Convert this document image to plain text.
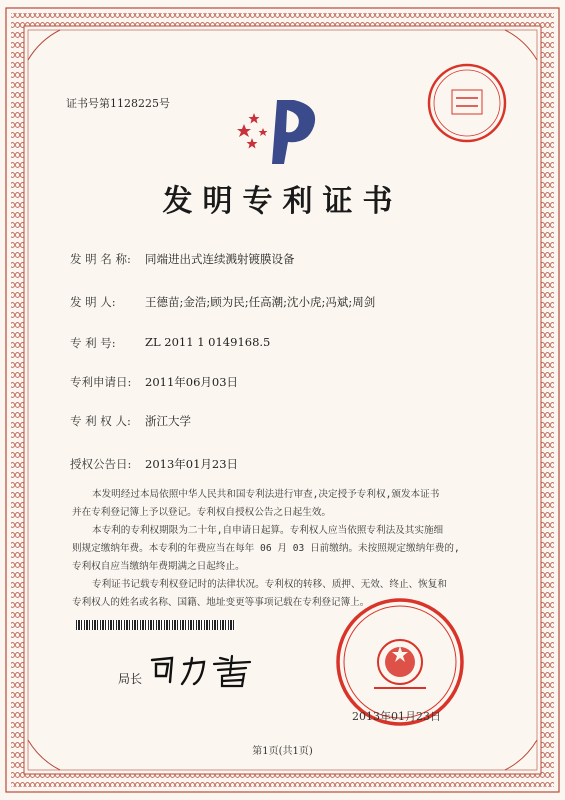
证书号第1128225号
发明专利证书
发 明 名 称: 同端进出式连续溅射镀膜设备
发 明 人:	王德苗;金浩;顾为民;任高潮;沈小虎;冯斌;周剑
专 利 号:	ZL 2011 1 0149168.5
专利申请日: 2011年06月03日
专 利 权 人: 浙江大学
授权公告日: 2013年01月23日

本发明经过本局依照中华人民共和国专利法进行审查,决定授予专利权,颁发本证书

并在专利登记簿上予以登记。专利权自授权公告之日起生效。

本专利的专利权期限为二十年,自申请日起算。专利权人应当依照专利法及其实施细

则规定缴纳年费。本专利的年费应当在每年 06 月 03 日前缴纳。未按照规定缴纳年费的,

专利权自应当缴纳年费期满之日起终止。

专利证书记载专利权登记时的法律状况。专利权的转移、质押、无效、终止、恢复和

专利权人的姓名或名称、国籍、地址变更等事项记载在专利登记簿上。

局长
2013年01月23日
第1页(共1页)
